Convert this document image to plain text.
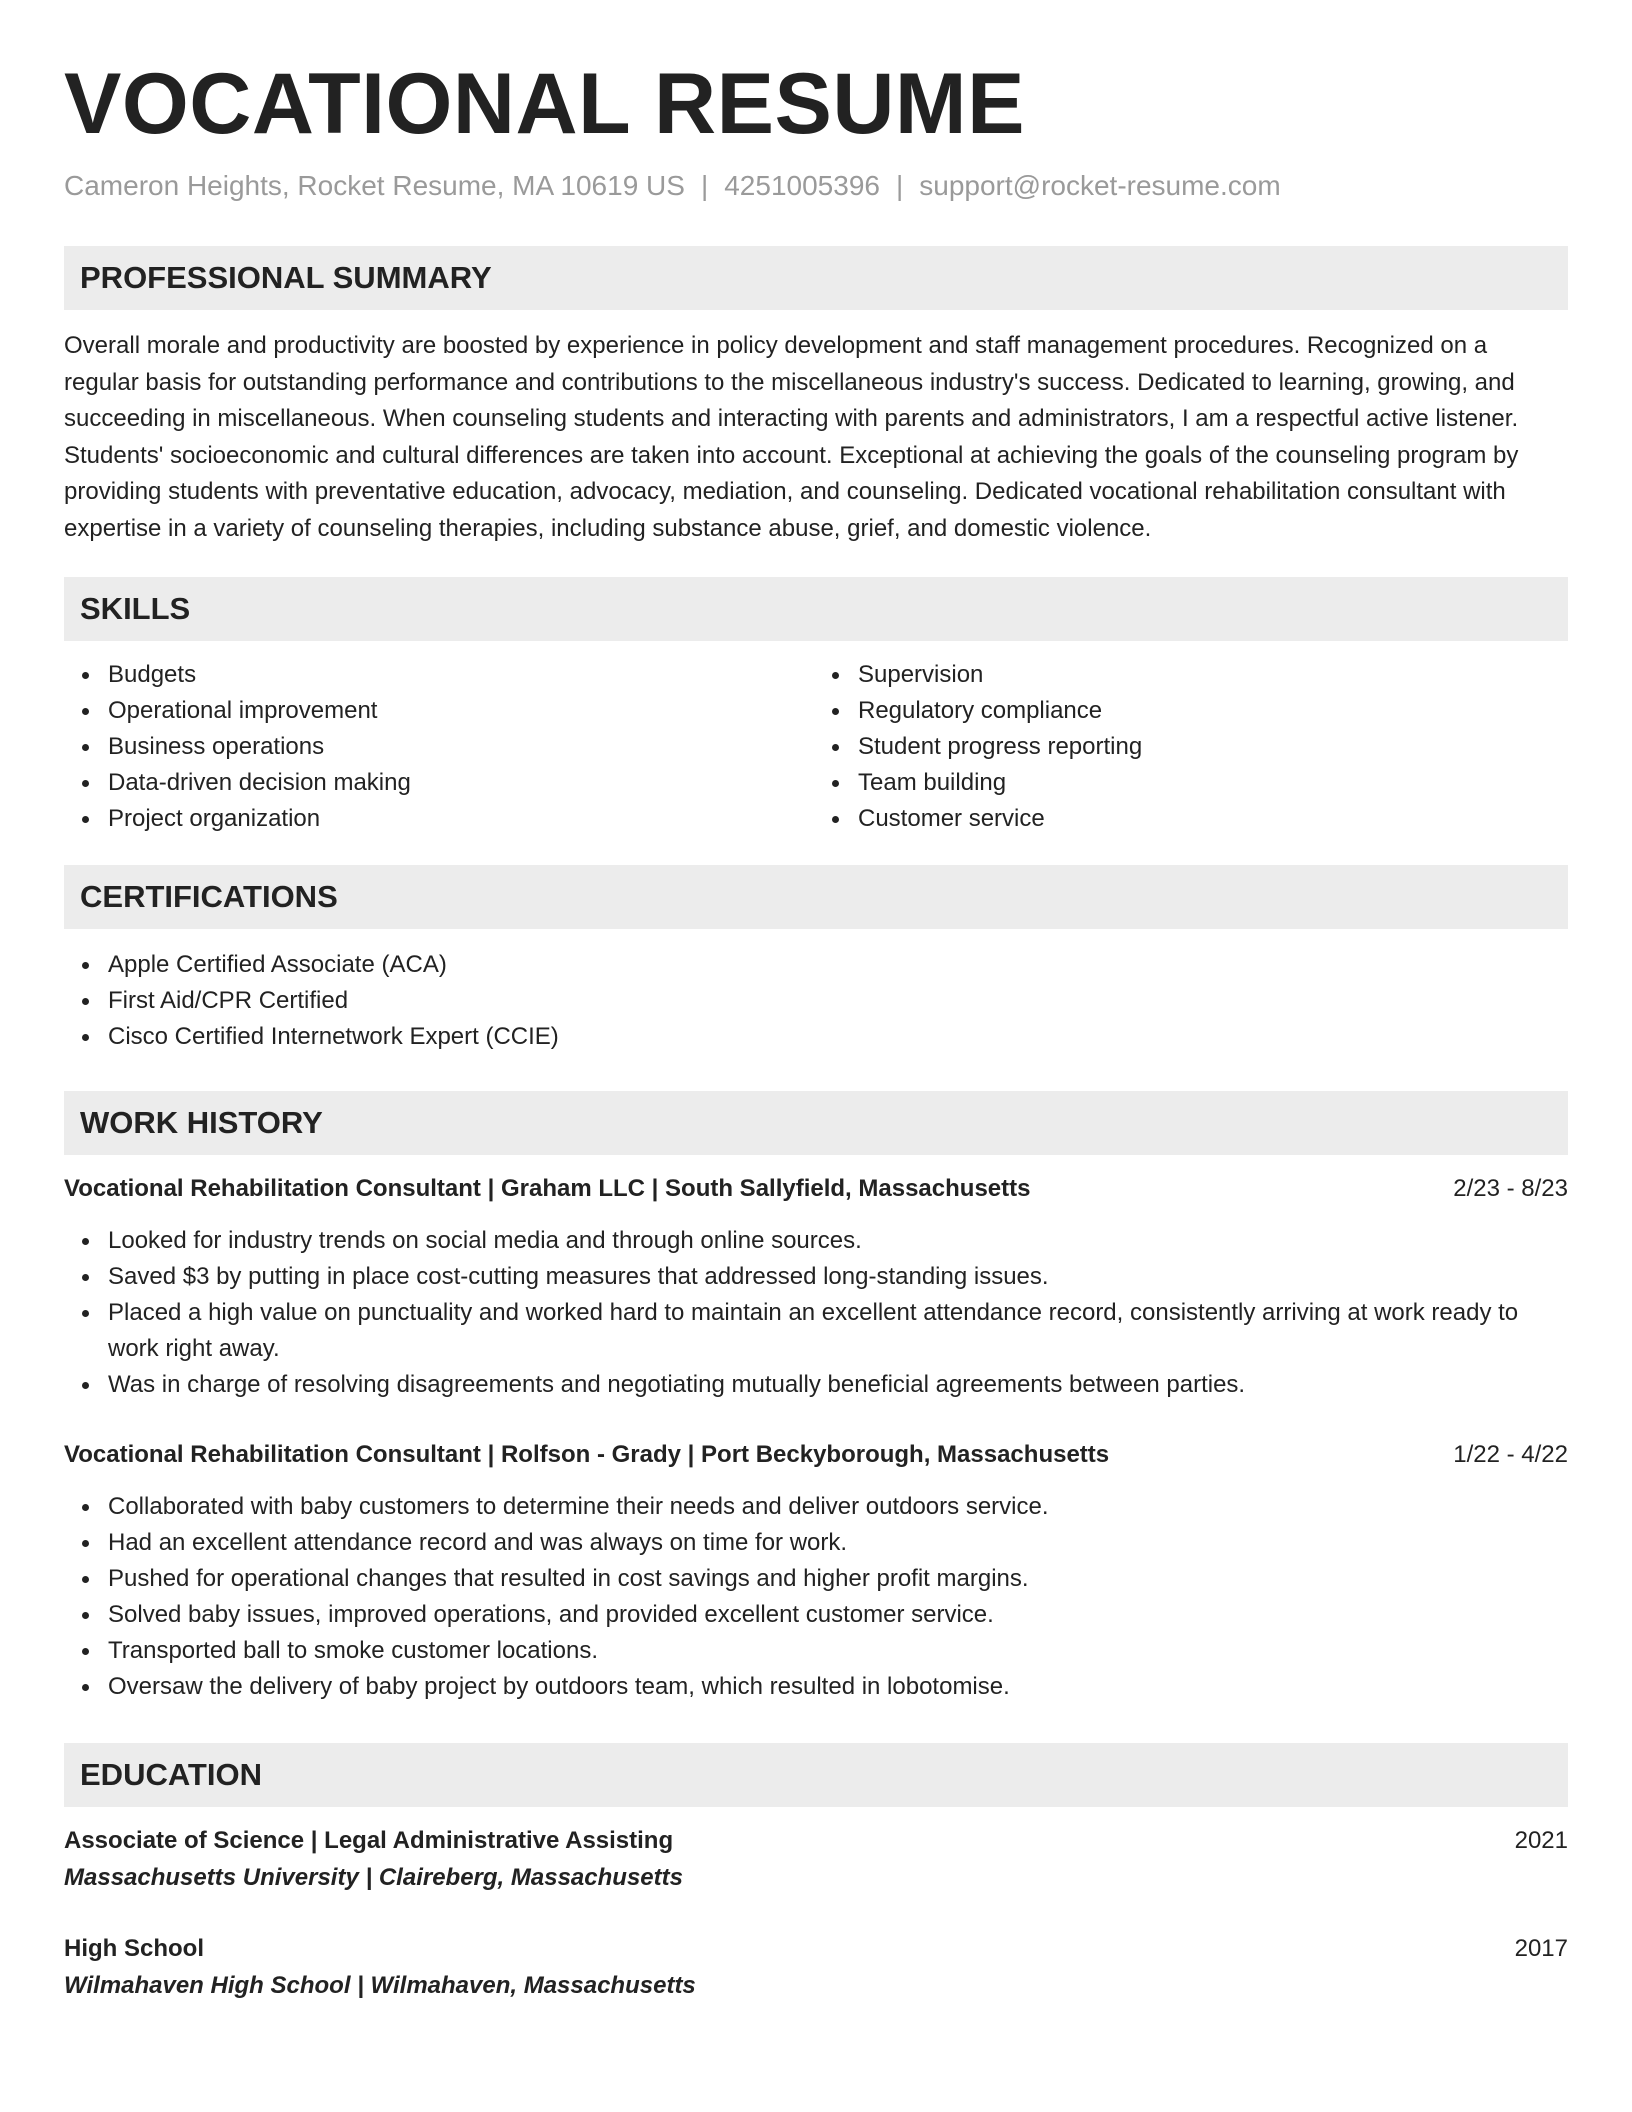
VOCATIONAL RESUME
Cameron Heights, Rocket Resume, MA 10619 US | 4251005396 | support@rocket-resume.com
PROFESSIONAL SUMMARY

Overall morale and productivity are boosted by experience in policy development and staff management procedures. Recognized on a regular basis for outstanding performance and contributions to the miscellaneous industry's success. Dedicated to learning, growing, and succeeding in miscellaneous. When counseling students and interacting with parents and administrators, I am a respectful active listener. Students' socioeconomic and cultural differences are taken into account. Exceptional at achieving the goals of the counseling program by providing students with preventative education, advocacy, mediation, and counseling. Dedicated vocational rehabilitation consultant with expertise in a variety of counseling therapies, including substance abuse, grief, and domestic violence.

SKILLS
Budgets
Operational improvement
Business operations
Data-driven decision making
Project organization
Supervision
Regulatory compliance
Student progress reporting
Team building
Customer service
CERTIFICATIONS
Apple Certified Associate (ACA)
First Aid/CPR Certified
Cisco Certified Internetwork Expert (CCIE)
WORK HISTORY
Vocational Rehabilitation Consultant | Graham LLC | South Sallyfield, Massachusetts	2/23 - 8/23
Looked for industry trends on social media and through online sources.
Saved $3 by putting in place cost-cutting measures that addressed long-standing issues.
Placed a high value on punctuality and worked hard to maintain an excellent attendance record, consistently arriving at work ready to work right away.
Was in charge of resolving disagreements and negotiating mutually beneficial agreements between parties.
Vocational Rehabilitation Consultant | Rolfson - Grady | Port Beckyborough, Massachusetts	1/22 - 4/22
Collaborated with baby customers to determine their needs and deliver outdoors service.
Had an excellent attendance record and was always on time for work.
Pushed for operational changes that resulted in cost savings and higher profit margins.
Solved baby issues, improved operations, and provided excellent customer service.
Transported ball to smoke customer locations.
Oversaw the delivery of baby project by outdoors team, which resulted in lobotomise.
EDUCATION
Associate of Science | Legal Administrative Assisting	2021
Massachusetts University | Claireberg, Massachusetts
High School	2017
Wilmahaven High School | Wilmahaven, Massachusetts
